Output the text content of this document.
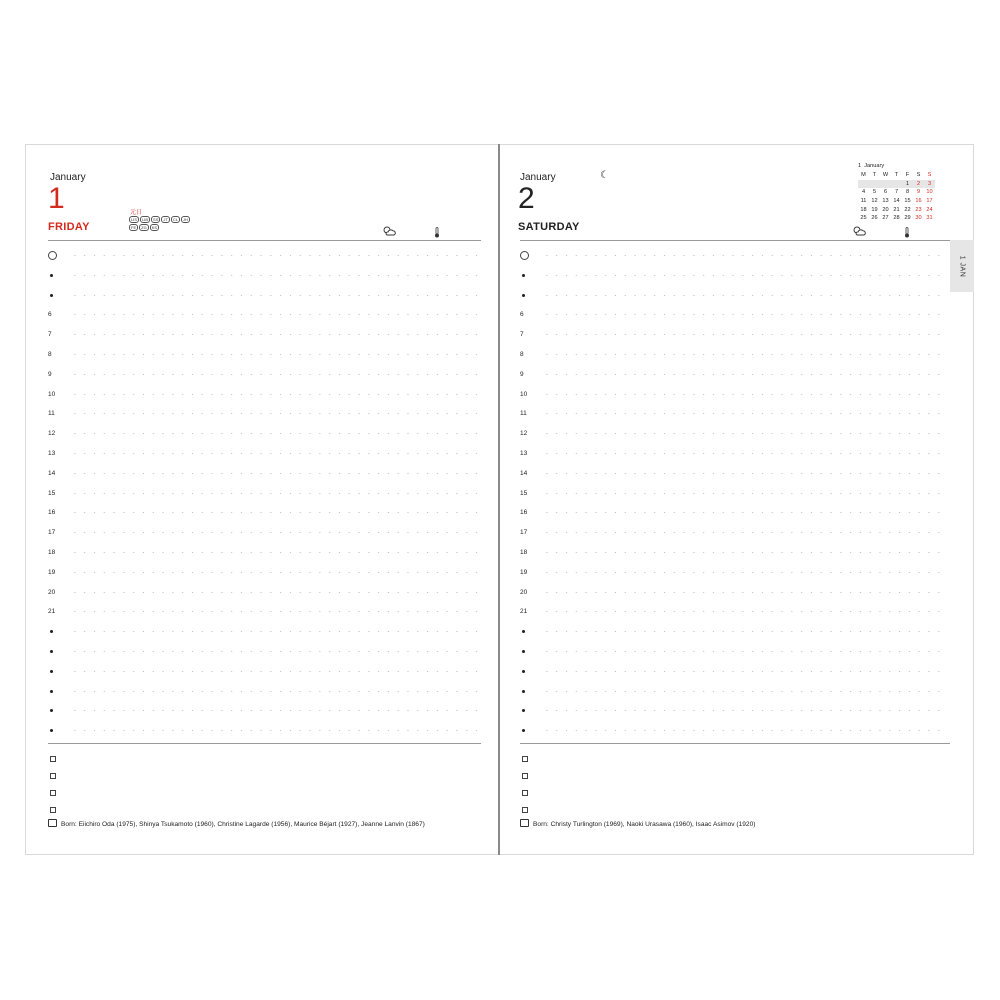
January
1
FRIDAY
元日
LIS	LIB	SS	JT	CL	JH
FE	ZG	KS
6
7
8
9
10
11
12
13
14
15
16
17
18
19
20
21
Born: Eiichiro Oda (1975), Shinya Tsukamoto (1960), Christine Lagarde (1956), Maurice Béjart (1927), Jeanne Lanvin (1867)
January
2
SATURDAY
☾
1 January
M	T	W	T	F	S	S
				1	2	3
4	5	6	7	8	9	10
11	12	13	14	15	16	17
18	19	20	21	22	23	24
25	26	27	28	29	30	31
6
7
8
9
10
11
12
13
14
15
16
17
18
19
20
21
Born: Christy Turlington (1969), Naoki Urasawa (1960), Isaac Asimov (1920)
1 JAN
